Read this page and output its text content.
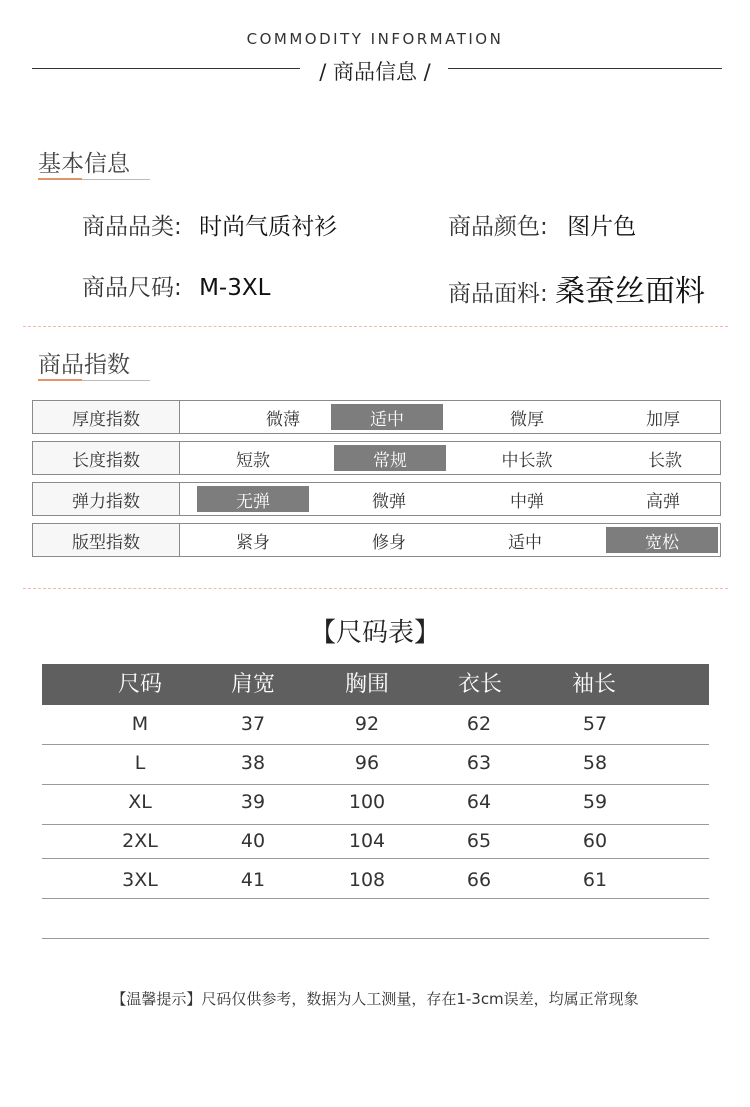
COMMODITY INFORMATION
/ 商品信息 /
基本信息
商品品类: 时尚气质衬衫	商品颜色: 图片色
商品尺码: M-3XL	商品面料: 桑蚕丝面料
商品指数
厚度指数	微薄	适中	微厚	加厚
长度指数	短款	常规	中长款	长款
弹力指数	无弹	微弹	中弹	高弹
版型指数	紧身	修身	适中	宽松
【尺码表】
尺码	肩宽	胸围	衣长	袖长
M	37	92	62	57
L	38	96	63	58
XL	39	100	64	59
2XL	40	104	65	60
3XL	41	108	66	61
【温馨提示】尺码仅供参考，数据为人工测量，存在1-3cm误差，均属正常现象
